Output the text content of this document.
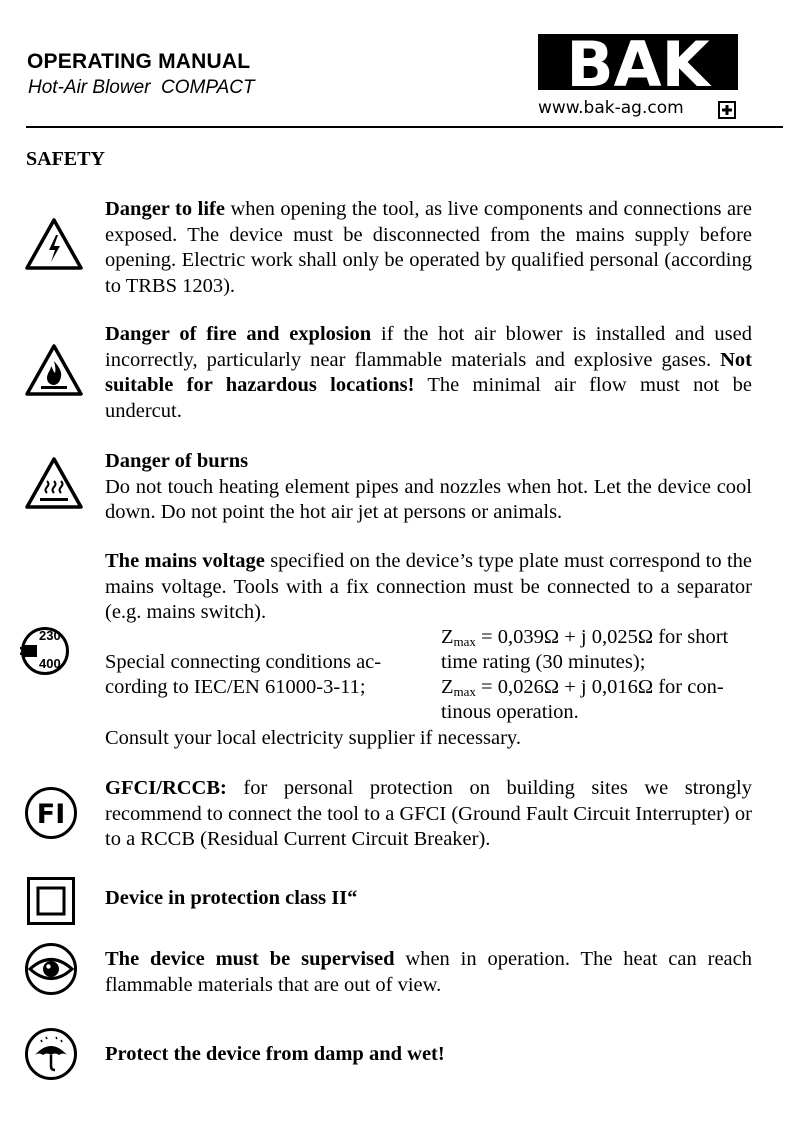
OPERATING MANUAL
Hot-Air Blower  COMPACT	BAK
www.bak-ag.com
SAFETY
230
400
FI

Danger to life when opening the tool, as live components and connections are exposed. The device must be disconnected from the mains supply before opening. Electric work shall only be operated by qualified personal (according to TRBS 1203).

Danger of fire and explosion if the hot air blower is installed and used incorrectly, particularly near flammable materials and explosive gases. Not suitable for hazardous locations! The minimal air flow must not be undercut.

Danger of burns

Do not touch heating element pipes and nozzles when hot. Let the device cool down. Do not point the hot air jet at persons or animals.

The mains voltage specified on the device’s type plate must correspond to the mains voltage. Tools with a fix connection must be connected to a separator (e.g. mains switch).

Special connecting conditions ac-
cording to IEC/EN 61000-3-11;
$Z_{max} = 0,039\Omega + j$ 0,025Ω for short
time rating (30 minutes);
$Z_{max} = 0,026\Omega + j$ 0,016Ω for con-
tinous operation.
Consult your local electricity supplier if necessary.

GFCI/RCCB: for personal protection on building sites we strongly recommend to connect the tool to a GFCI (Ground Fault Circuit Interrupter) or to a RCCB (Residual Current Circuit Breaker).

Device in protection class II“

The device must be supervised when in operation. The heat can reach flammable materials that are out of view.

Protect the device from damp and wet!
